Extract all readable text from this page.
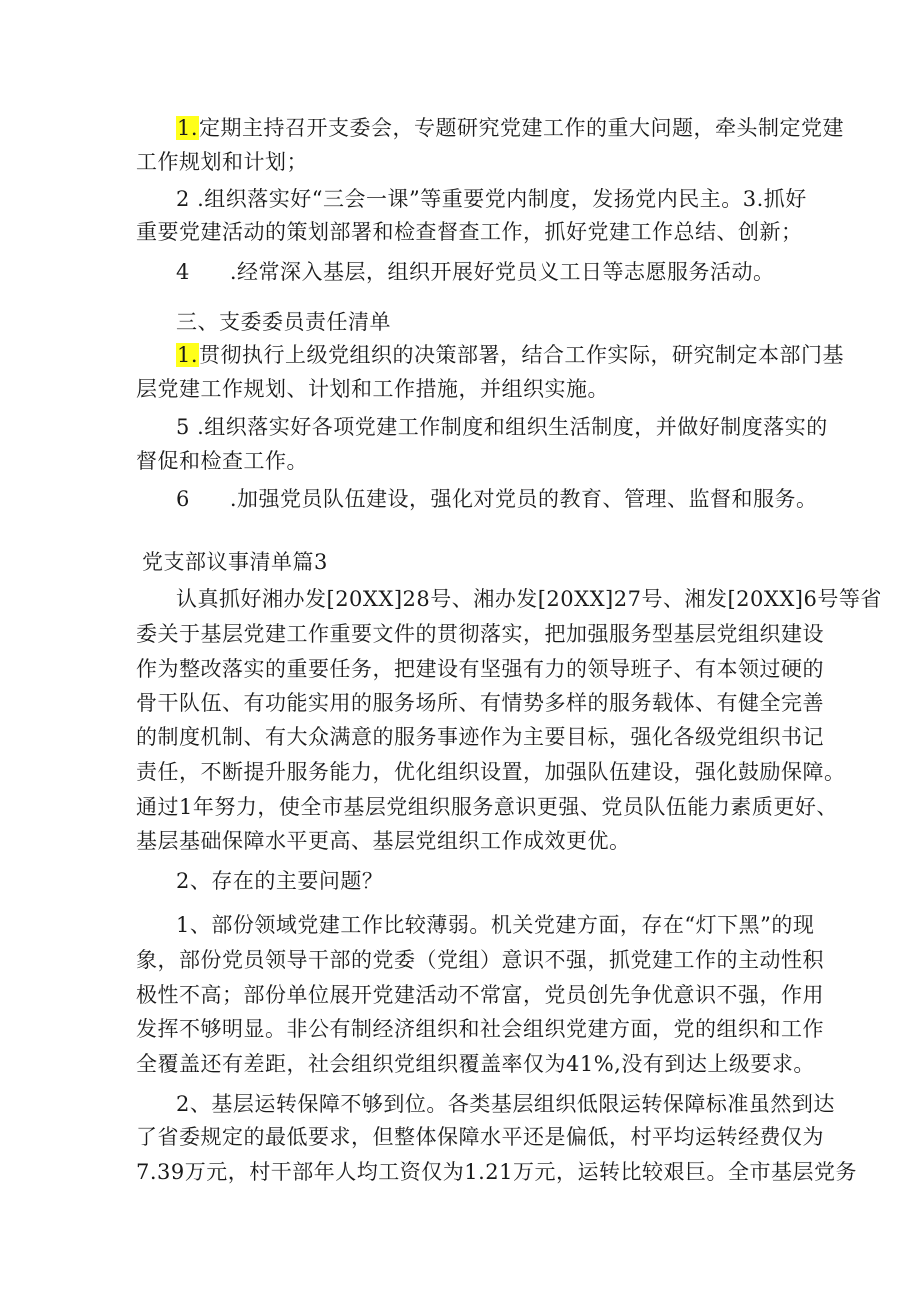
1.定期主持召开支委会，专题研究党建工作的重大问题，牵头制定党建
工作规划和计划；
2 .组织落实好“三会一课”等重要党内制度，发扬党内民主。3.抓好
重要党建活动的策划部署和检查督查工作，抓好党建工作总结、创新；
4 .经常深入基层，组织开展好党员义工日等志愿服务活动。
三、支委委员责任清单
1.贯彻执行上级党组织的决策部署，结合工作实际，研究制定本部门基
层党建工作规划、计划和工作措施，并组织实施。
5 .组织落实好各项党建工作制度和组织生活制度，并做好制度落实的
督促和检查工作。
6 .加强党员队伍建设，强化对党员的教育、管理、监督和服务。
党支部议事清单篇3
认真抓好湘办发[20XX]28号、湘办发[20XX]27号、湘发[20XX]6号等省
委关于基层党建工作重要文件的贯彻落实，把加强服务型基层党组织建设
作为整改落实的重要任务，把建设有坚强有力的领导班子、有本领过硬的
骨干队伍、有功能实用的服务场所、有情势多样的服务载体、有健全完善
的制度机制、有大众满意的服务事迹作为主要目标，强化各级党组织书记
责任，不断提升服务能力，优化组织设置，加强队伍建设，强化鼓励保障。
通过1年努力，使全市基层党组织服务意识更强、党员队伍能力素质更好、
基层基础保障水平更高、基层党组织工作成效更优。
2、存在的主要问题？
1、部份领域党建工作比较薄弱。机关党建方面，存在“灯下黑”的现
象，部份党员领导干部的党委（党组）意识不强，抓党建工作的主动性积
极性不高；部份单位展开党建活动不常富，党员创先争优意识不强，作用
发挥不够明显。非公有制经济组织和社会组织党建方面，党的组织和工作
全覆盖还有差距，社会组织党组织覆盖率仅为41%,没有到达上级要求。
2、基层运转保障不够到位。各类基层组织低限运转保障标准虽然到达
了省委规定的最低要求，但整体保障水平还是偏低，村平均运转经费仅为
7.39万元，村干部年人均工资仅为1.21万元，运转比较艰巨。全市基层党务
